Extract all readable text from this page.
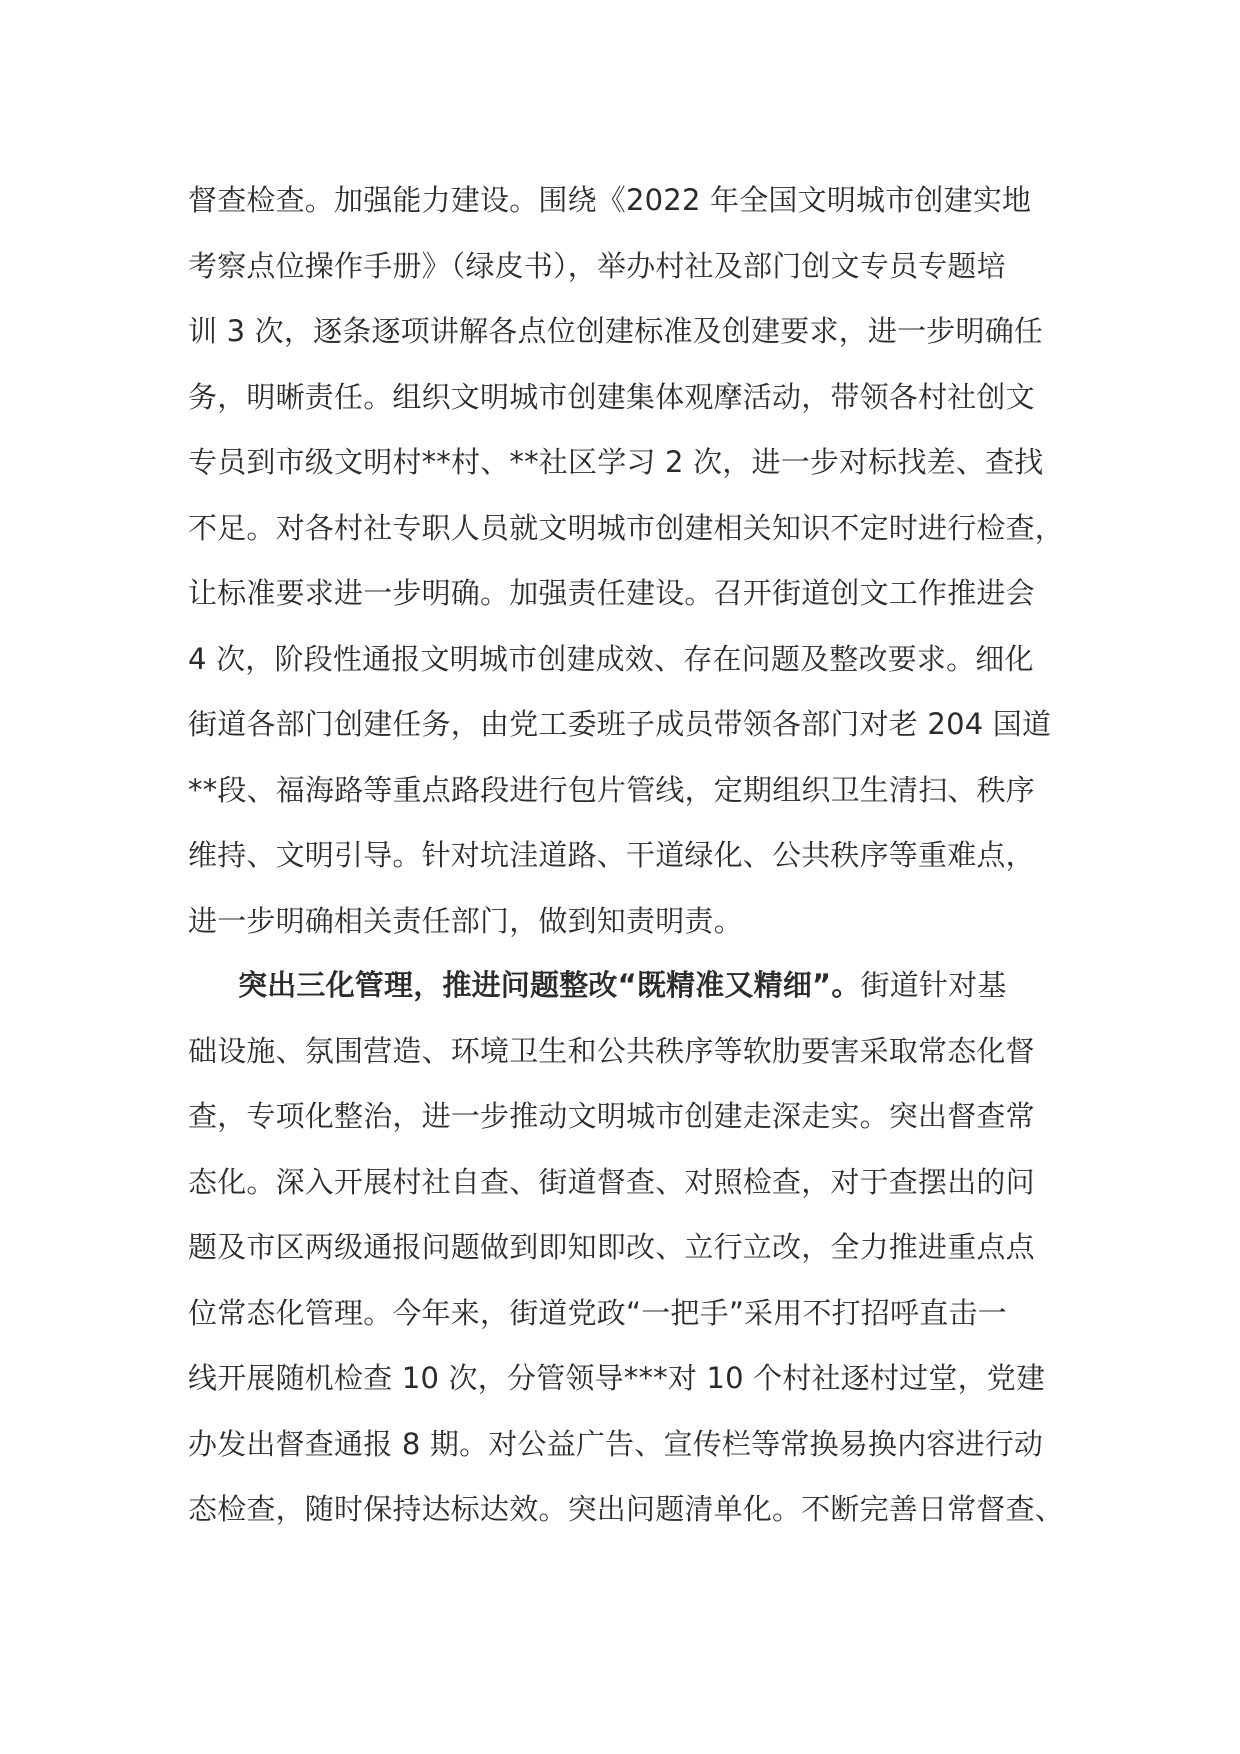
督查检查。加强能力建设。围绕《2022 年全国文明城市创建实地
考察点位操作手册》（绿皮书），举办村社及部门创文专员专题培
训 3 次，逐条逐项讲解各点位创建标准及创建要求，进一步明确任
务，明晰责任。组织文明城市创建集体观摩活动，带领各村社创文
专员到市级文明村**村、**社区学习 2 次，进一步对标找差、查找
不足。对各村社专职人员就文明城市创建相关知识不定时进行检查，
让标准要求进一步明确。加强责任建设。召开街道创文工作推进会
4 次，阶段性通报文明城市创建成效、存在问题及整改要求。细化
街道各部门创建任务，由党工委班子成员带领各部门对老 204 国道
**段、福海路等重点路段进行包片管线，定期组织卫生清扫、秩序
维持、文明引导。针对坑洼道路、干道绿化、公共秩序等重难点，
进一步明确相关责任部门，做到知责明责。
突出三化管理，推进问题整改“既精准又精细”。街道针对基
础设施、氛围营造、环境卫生和公共秩序等软肋要害采取常态化督
查，专项化整治，进一步推动文明城市创建走深走实。突出督查常
态化。深入开展村社自查、街道督查、对照检查，对于查摆出的问
题及市区两级通报问题做到即知即改、立行立改，全力推进重点点
位常态化管理。今年来，街道党政“一把手”采用不打招呼直击一
线开展随机检查 10 次，分管领导***对 10 个村社逐村过堂，党建
办发出督查通报 8 期。对公益广告、宣传栏等常换易换内容进行动
态检查，随时保持达标达效。突出问题清单化。不断完善日常督查、
